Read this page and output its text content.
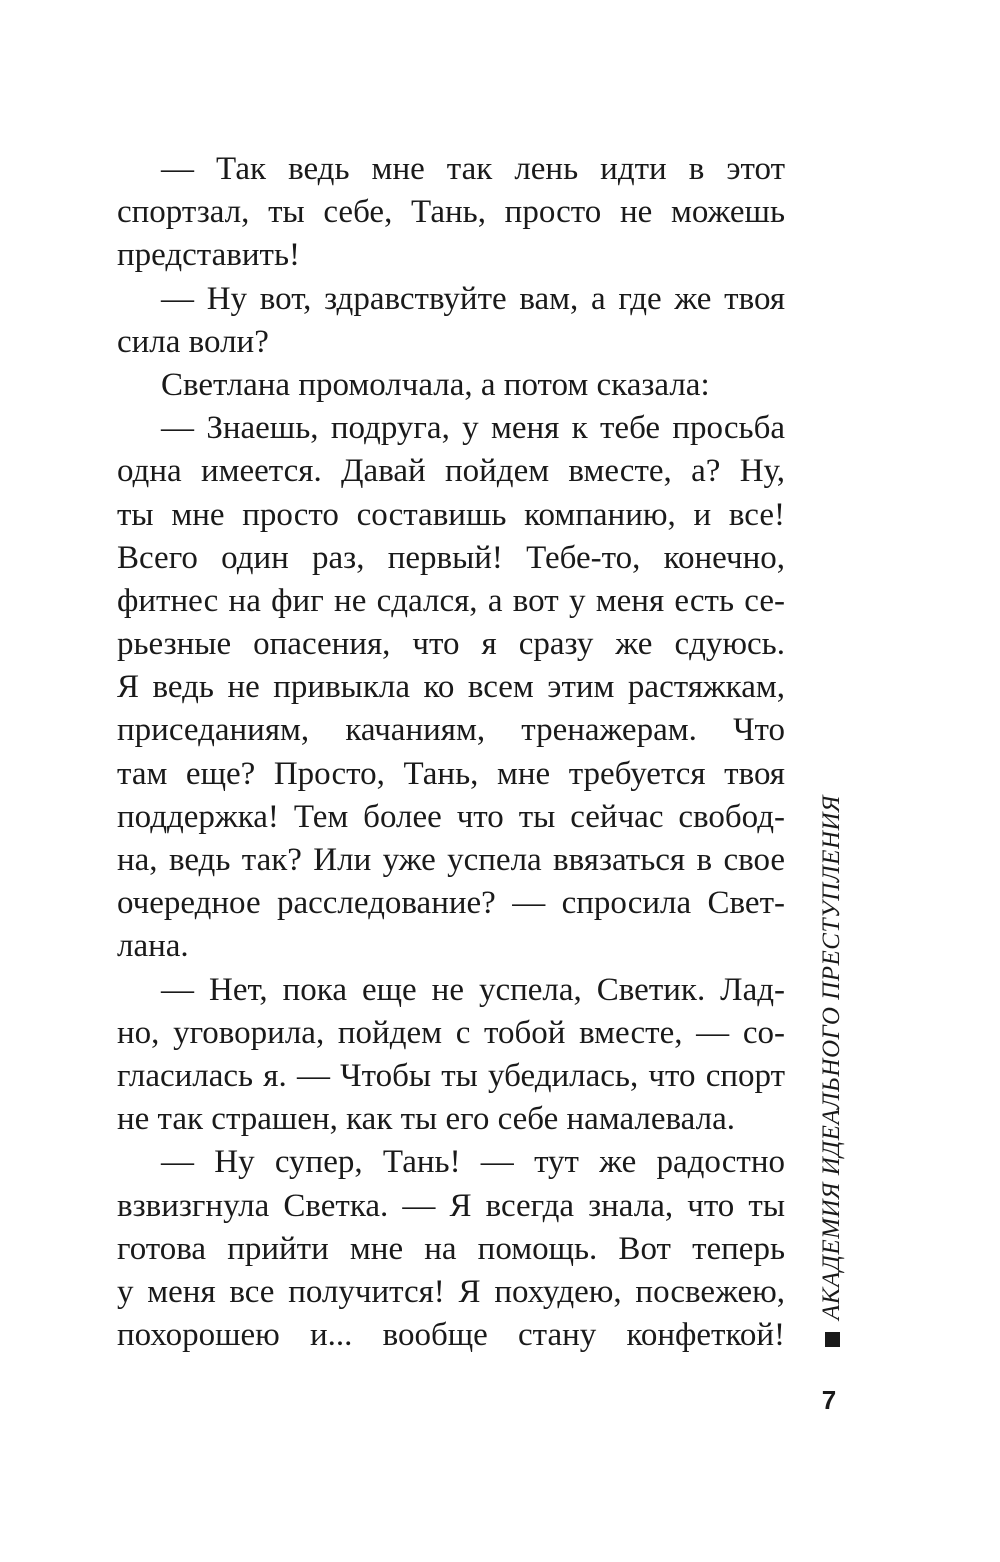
— Так ведь мне так лень идти в этот
спортзал, ты себе, Тань, просто не можешь
представить!
— Ну вот, здравствуйте вам, а где же твоя
сила воли?
Светлана промолчала, а потом сказала:
— Знаешь, подруга, у меня к тебе просьба
одна имеется. Давай пойдем вместе, а? Ну,
ты мне просто составишь компанию, и все!
Всего один раз, первый! Тебе-то, конечно,
фитнес на фиг не сдался, а вот у меня есть се-
рьезные опасения, что я сразу же сдуюсь.
Я ведь не привыкла ко всем этим растяжкам,
приседаниям, качаниям, тренажерам. Что
там еще? Просто, Тань, мне требуется твоя
поддержка! Тем более что ты сейчас свобод-
на, ведь так? Или уже успела ввязаться в свое
очередное расследование? — спросила Свет-
лана.
— Нет, пока еще не успела, Светик. Лад-
но, уговорила, пойдем с тобой вместе, — со-
гласилась я. — Чтобы ты убедилась, что спорт
не так страшен, как ты его себе намалевала.
— Ну супер, Тань! — тут же радостно
взвизгнула Светка. — Я всегда знала, что ты
готова прийти мне на помощь. Вот теперь
у меня все получится! Я похудею, посвежею,
похорошею и... вообще стану конфеткой!
АКАДЕМИЯ ИДЕАЛЬНОГО ПРЕСТУПЛЕНИЯ
7
